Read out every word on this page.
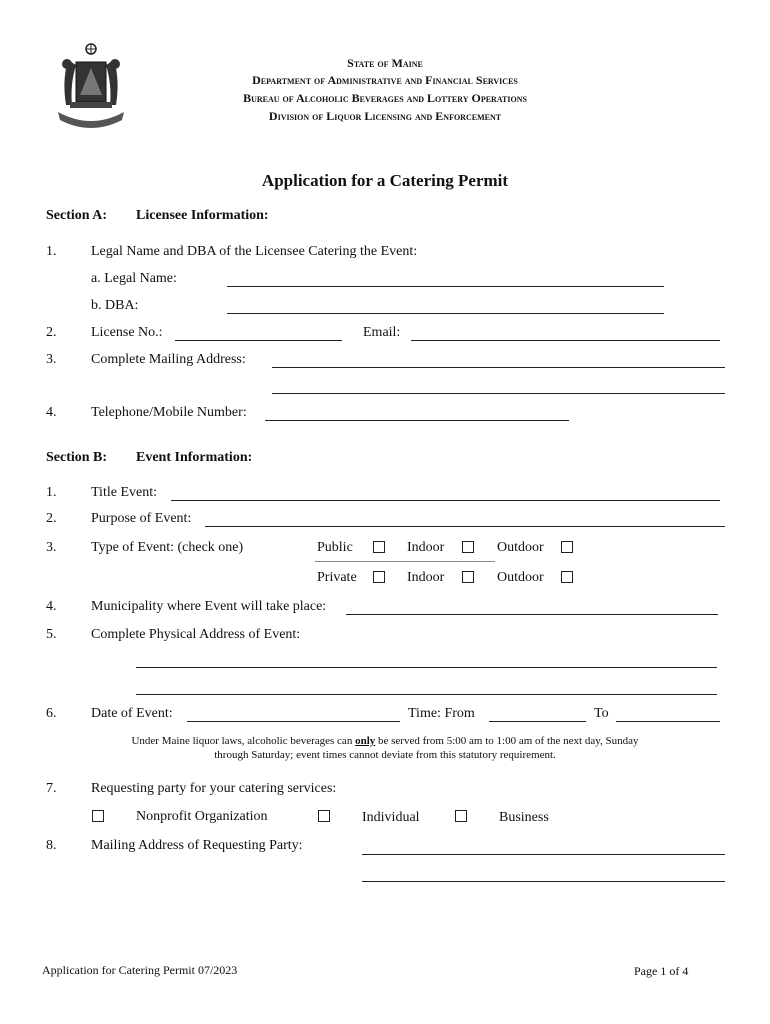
State of Maine
Department of Administrative and Financial Services
Bureau of Alcoholic Beverages and Lottery Operations
Division of Liquor Licensing and Enforcement
Application for a Catering Permit
Section A: Licensee Information:
1. Legal Name and DBA of the Licensee Catering the Event:
a. Legal Name:
b. DBA:
2. License No.:	Email:
3. Complete Mailing Address:
4. Telephone/Mobile Number:
Section B: Event Information:
1. Title Event:
2. Purpose of Event:
3. Type of Event: (check one)	Public	Indoor	Outdoor
Private	Indoor	Outdoor
4. Municipality where Event will take place:
5. Complete Physical Address of Event:
6. Date of Event:	Time: From	To
Under Maine liquor laws, alcoholic beverages can only be served from 5:00 am to 1:00 am of the next day, Sunday
through Saturday; event times cannot deviate from this statutory requirement.
7. Requesting party for your catering services:
Nonprofit Organization	Individual	Business
8. Mailing Address of Requesting Party:
Application for Catering Permit 07/2023	Page 1 of 4
